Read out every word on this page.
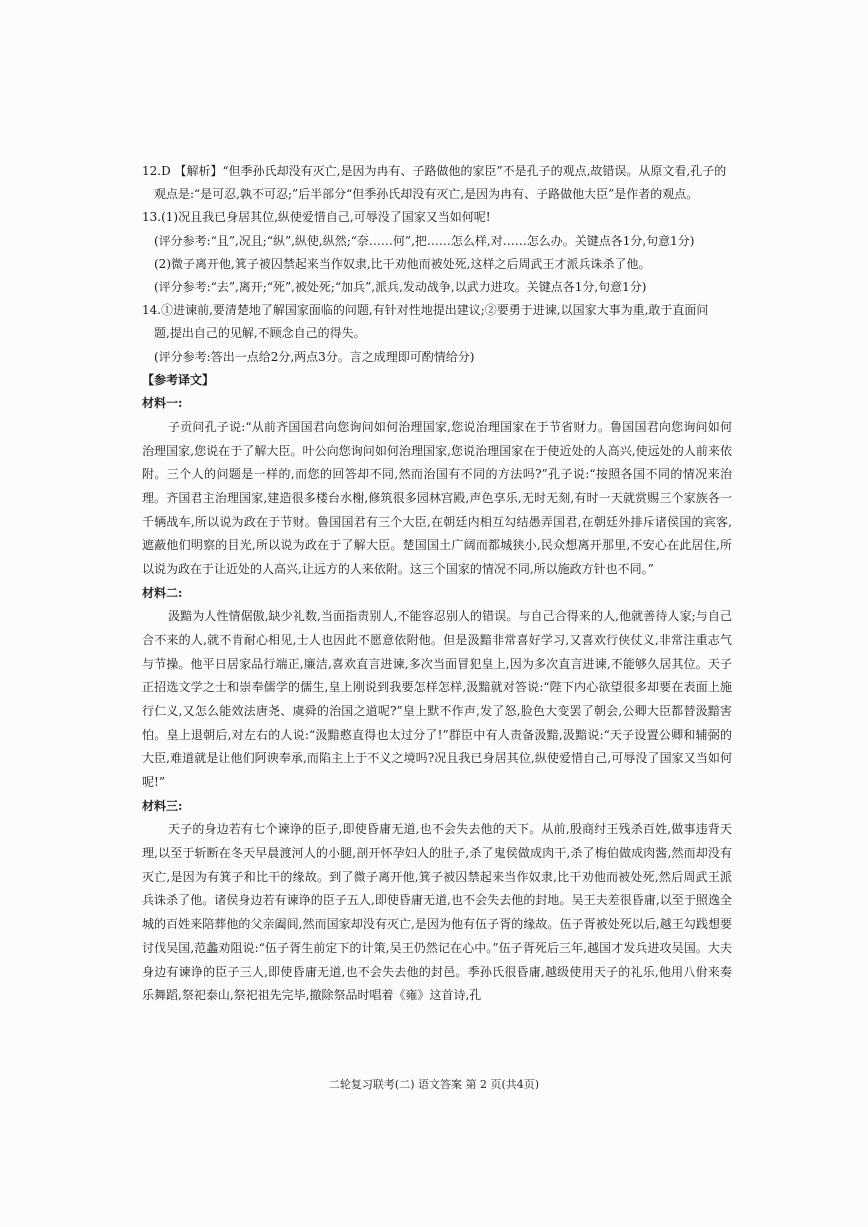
12.D 【解析】“但季孙氏却没有灭亡,是因为冉有、子路做他的家臣”不是孔子的观点,故错误。从原文看,孔子的

观点是:“是可忍,孰不可忍;”后半部分“但季孙氏却没有灭亡,是因为冉有、子路做他大臣”是作者的观点。

13.(1)况且我已身居其位,纵使爱惜自己,可辱没了国家又当如何呢!

(评分参考:“且”,况且;“纵”,纵使,纵然;“奈……何”,把……怎么样,对……怎么办。关键点各1分,句意1分)

(2)微子离开他,箕子被囚禁起来当作奴隶,比干劝他而被处死,这样之后周武王才派兵诛杀了他。

(评分参考:“去”,离开;“死”,被处死;“加兵”,派兵,发动战争,以武力进攻。关键点各1分,句意1分)

14.①进谏前,要清楚地了解国家面临的问题,有针对性地提出建议;②要勇于进谏,以国家大事为重,敢于直面问

题,提出自己的见解,不顾念自己的得失。

(评分参考:答出一点给2分,两点3分。言之成理即可酌情给分)

【参考译文】

材料一:

子贡问孔子说:“从前齐国国君向您询问如何治理国家,您说治理国家在于节省财力。鲁国国君向您询问如何治理国家,您说在于了解大臣。叶公向您询问如何治理国家,您说治理国家在于使近处的人高兴,使远处的人前来依附。三个人的问题是一样的,而您的回答却不同,然而治国有不同的方法吗?”孔子说:“按照各国不同的情况来治理。齐国君主治理国家,建造很多楼台水榭,修筑很多园林宫殿,声色享乐,无时无刻,有时一天就赏赐三个家族各一千辆战车,所以说为政在于节财。鲁国国君有三个大臣,在朝廷内相互勾结愚弄国君,在朝廷外排斥诸侯国的宾客,遮蔽他们明察的目光,所以说为政在于了解大臣。楚国国土广阔而都城狭小,民众想离开那里,不安心在此居住,所以说为政在于让近处的人高兴,让远方的人来依附。这三个国家的情况不同,所以施政方针也不同。”

材料二:

汲黯为人性情倨傲,缺少礼数,当面指责别人,不能容忍别人的错误。与自己合得来的人,他就善待人家;与自己合不来的人,就不肯耐心相见,士人也因此不愿意依附他。但是汲黯非常喜好学习,又喜欢行侠仗义,非常注重志气与节操。他平日居家品行端正,廉洁,喜欢直言进谏,多次当面冒犯皇上,因为多次直言进谏,不能够久居其位。天子正招选文学之士和崇奉儒学的儒生,皇上刚说到我要怎样怎样,汲黯就对答说:“陛下内心欲望很多却要在表面上施行仁义,又怎么能效法唐尧、虞舜的治国之道呢?”皇上默不作声,发了怒,脸色大变罢了朝会,公卿大臣都替汲黯害怕。皇上退朝后,对左右的人说:“汲黯憨直得也太过分了!”群臣中有人责备汲黯,汲黯说:“天子设置公卿和辅弼的大臣,难道就是让他们阿谀奉承,而陷主上于不义之境吗?况且我已身居其位,纵使爱惜自己,可辱没了国家又当如何呢!”

材料三:

天子的身边若有七个谏诤的臣子,即使昏庸无道,也不会失去他的天下。从前,殷商纣王残杀百姓,做事违背天理,以至于斩断在冬天早晨渡河人的小腿,剖开怀孕妇人的肚子,杀了鬼侯做成肉干,杀了梅伯做成肉酱,然而却没有灭亡,是因为有箕子和比干的缘故。到了微子离开他,箕子被囚禁起来当作奴隶,比干劝他而被处死,然后周武王派兵诛杀了他。诸侯身边若有谏诤的臣子五人,即使昏庸无道,也不会失去他的封地。吴王夫差很昏庸,以至于照逸全城的百姓来陪葬他的父亲阖闾,然而国家却没有灭亡,是因为他有伍子胥的缘故。伍子胥被处死以后,越王勾践想要讨伐吴国,范蠡劝阻说:“伍子胥生前定下的计策,吴王仍然记在心中。”伍子胥死后三年,越国才发兵进攻吴国。大夫身边有谏诤的臣子三人,即使昏庸无道,也不会失去他的封邑。季孙氏很昏庸,越级使用天子的礼乐,他用八佾来奏乐舞蹈,祭祀泰山,祭祀祖先完毕,撤除祭品时唱着《雍》这首诗,孔

二轮复习联考(二) 语文答案 第 2 页(共4页)
